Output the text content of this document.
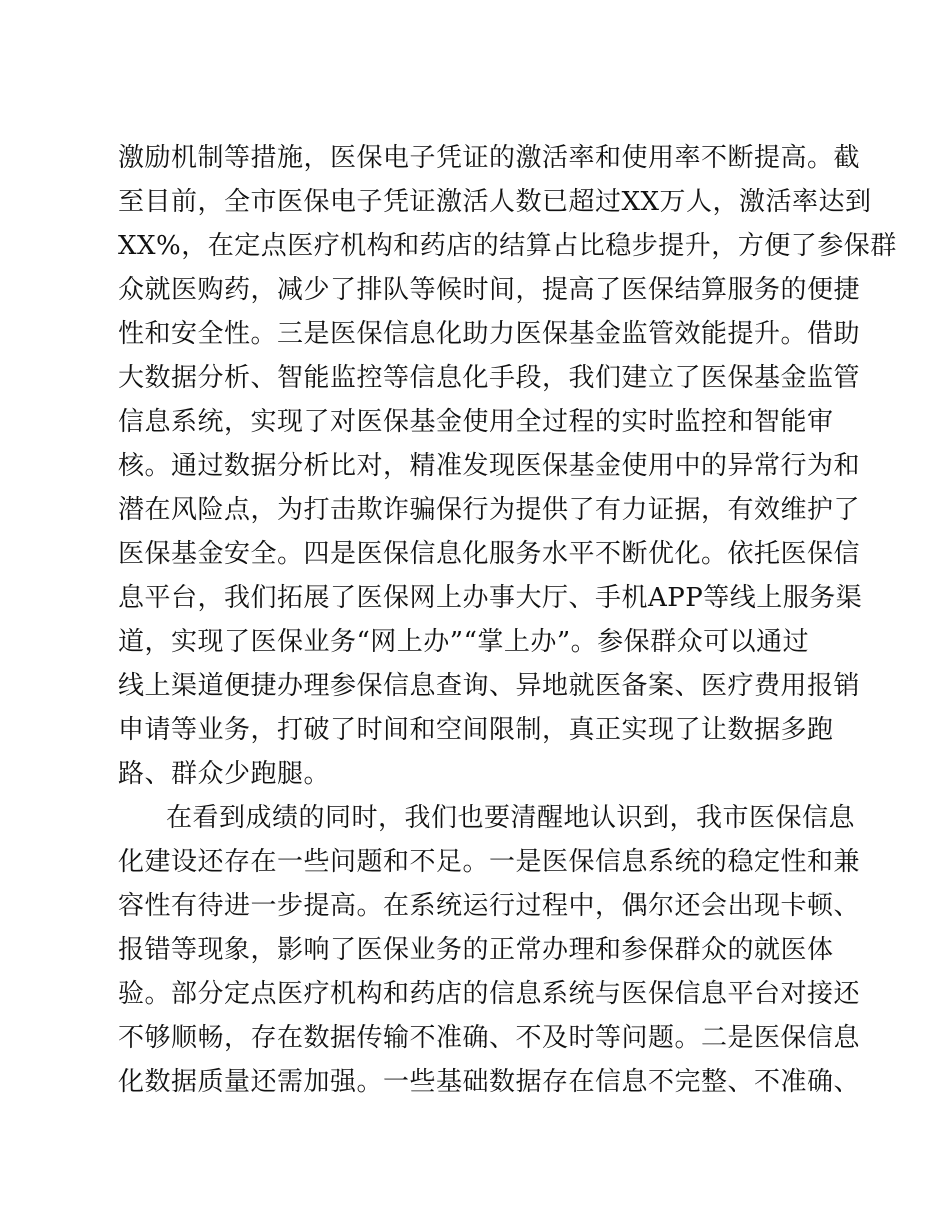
激励机制等措施，医保电子凭证的激活率和使用率不断提高。截
至目前，全市医保电子凭证激活人数已超过XX万人，激活率达到
XX%，在定点医疗机构和药店的结算占比稳步提升，方便了参保群
众就医购药，减少了排队等候时间，提高了医保结算服务的便捷
性和安全性。三是医保信息化助力医保基金监管效能提升。借助
大数据分析、智能监控等信息化手段，我们建立了医保基金监管
信息系统，实现了对医保基金使用全过程的实时监控和智能审
核。通过数据分析比对，精准发现医保基金使用中的异常行为和
潜在风险点，为打击欺诈骗保行为提供了有力证据，有效维护了
医保基金安全。四是医保信息化服务水平不断优化。依托医保信
息平台，我们拓展了医保网上办事大厅、手机APP等线上服务渠
道，实现了医保业务“网上办”“掌上办”。参保群众可以通过
线上渠道便捷办理参保信息查询、异地就医备案、医疗费用报销
申请等业务，打破了时间和空间限制，真正实现了让数据多跑
路、群众少跑腿。
在看到成绩的同时，我们也要清醒地认识到，我市医保信息
化建设还存在一些问题和不足。一是医保信息系统的稳定性和兼
容性有待进一步提高。在系统运行过程中，偶尔还会出现卡顿、
报错等现象，影响了医保业务的正常办理和参保群众的就医体
验。部分定点医疗机构和药店的信息系统与医保信息平台对接还
不够顺畅，存在数据传输不准确、不及时等问题。二是医保信息
化数据质量还需加强。一些基础数据存在信息不完整、不准确、
